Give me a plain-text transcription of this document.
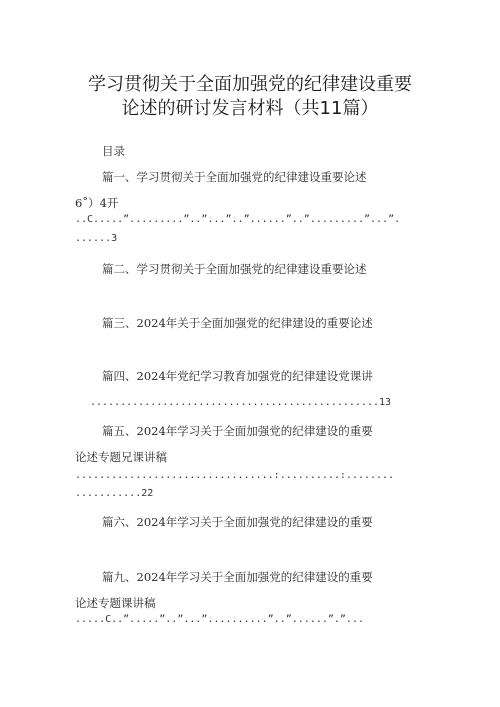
学习贯彻关于全面加强党的纪律建设重要
论述的研讨发言材料（共11篇）
目录
篇一、学习贯彻关于全面加强党的纪律建设重要论述
6˚）4开
..C.....”.........”..”...”..”......”..”.........”...”.
......3
篇二、学习贯彻关于全面加强党的纪律建设重要论述
篇三、2024年关于全面加强党的纪律建设的重要论述
篇四、2024年党纪学习教育加强党的纪律建设党课讲
................................................13
篇五、2024年学习关于全面加强党的纪律建设的重要
论述专题兄课讲稿
.................................:..........:........
...........22
篇六、2024年学习关于全面加强党的纪律建设的重要
篇九、2024年学习关于全面加强党的纪律建设的重要
论述专题课讲稿
.....C..”.....”..”...”..........”..”......”.”...
